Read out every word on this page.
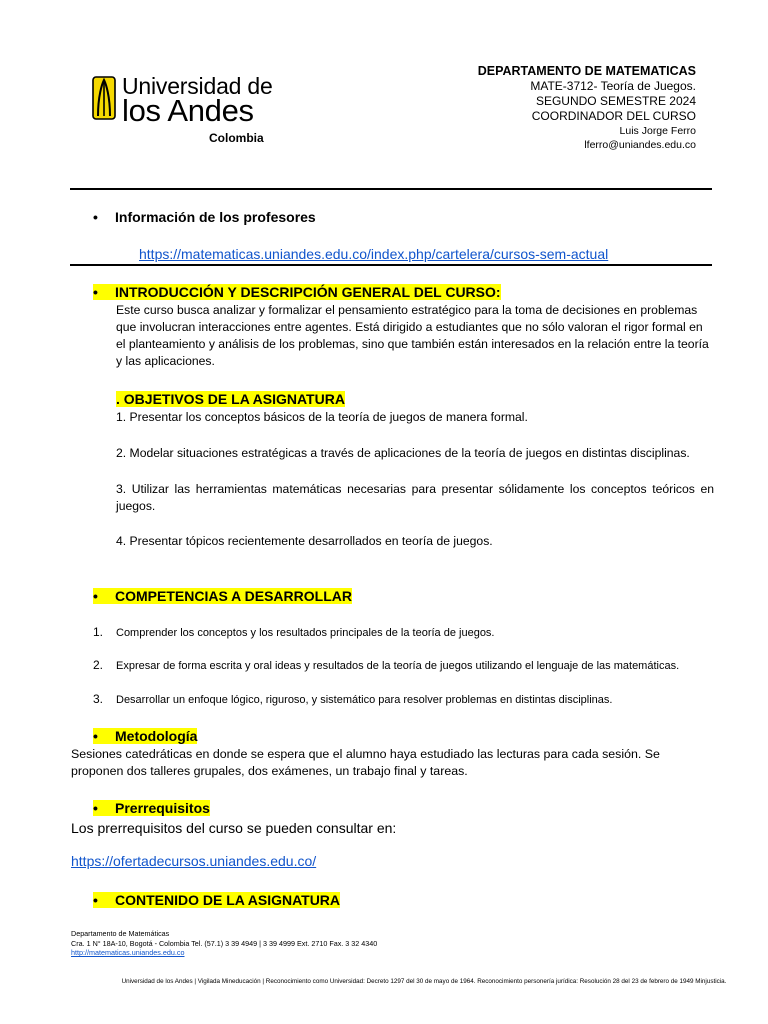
Universidad de
los Andes
Colombia
DEPARTAMENTO DE MATEMATICAS
MATE-3712- Teoría de Juegos.
SEGUNDO SEMESTRE 2024
COORDINADOR DEL CURSO
Luis Jorge Ferro
lferro@uniandes.edu.co
• Información de los profesores
https://matematicas.uniandes.edu.co/index.php/cartelera/cursos-sem-actual
• INTRODUCCIÓN Y DESCRIPCIÓN GENERAL DEL CURSO:
Este curso busca analizar y formalizar el pensamiento estratégico para la toma de decisiones en problemas que involucran interacciones entre agentes. Está dirigido a estudiantes que no sólo valoran el rigor formal en el planteamiento y análisis de los problemas, sino que también están interesados en la relación entre la teoría y las aplicaciones.
. OBJETIVOS DE LA ASIGNATURA
1. Presentar los conceptos básicos de la teoría de juegos de manera formal.
2. Modelar situaciones estratégicas a través de aplicaciones de la teoría de juegos en distintas disciplinas.
3. Utilizar las herramientas matemáticas necesarias para presentar sólidamente los conceptos teóricos en juegos.
4. Presentar tópicos recientemente desarrollados en teoría de juegos.
• COMPETENCIAS A DESARROLLAR
1. Comprender los conceptos y los resultados principales de la teoría de juegos.
2. Expresar de forma escrita y oral ideas y resultados de la teoría de juegos utilizando el lenguaje de las matemáticas.
3. Desarrollar un enfoque lógico, riguroso, y sistemático para resolver problemas en distintas disciplinas.
• Metodología
Sesiones catedráticas en donde se espera que el alumno haya estudiado las lecturas para cada sesión. Se proponen dos talleres grupales, dos exámenes, un trabajo final y tareas.
• Prerrequisitos
Los prerrequisitos del curso se pueden consultar en:
https://ofertadecursos.uniandes.edu.co/
• CONTENIDO DE LA ASIGNATURA
Departamento de Matemáticas
Cra. 1 N° 18A-10, Bogotá - Colombia Tel. (57.1) 3 39 4949 | 3 39 4999 Ext. 2710 Fax. 3 32 4340
http://matematicas.uniandes.edu.co
Universidad de los Andes | Vigilada Mineducación | Reconocimiento como Universidad: Decreto 1297 del 30 de mayo de 1964. Reconocimiento personería jurídica: Resolución 28 del 23 de febrero de 1949 Minjusticia.
